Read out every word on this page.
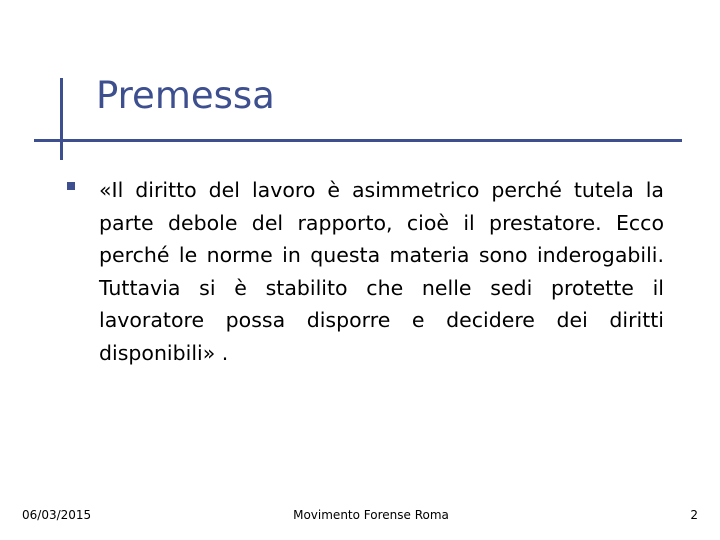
Premessa
«Il diritto del lavoro è asimmetrico perché tutela la parte debole del rapporto, cioè il prestatore. Ecco perché le norme in questa materia sono inderogabili. Tuttavia si è stabilito che nelle sedi protette il lavoratore possa disporre e decidere dei diritti disponibili» .
06/03/2015	Movimento Forense Roma	2
